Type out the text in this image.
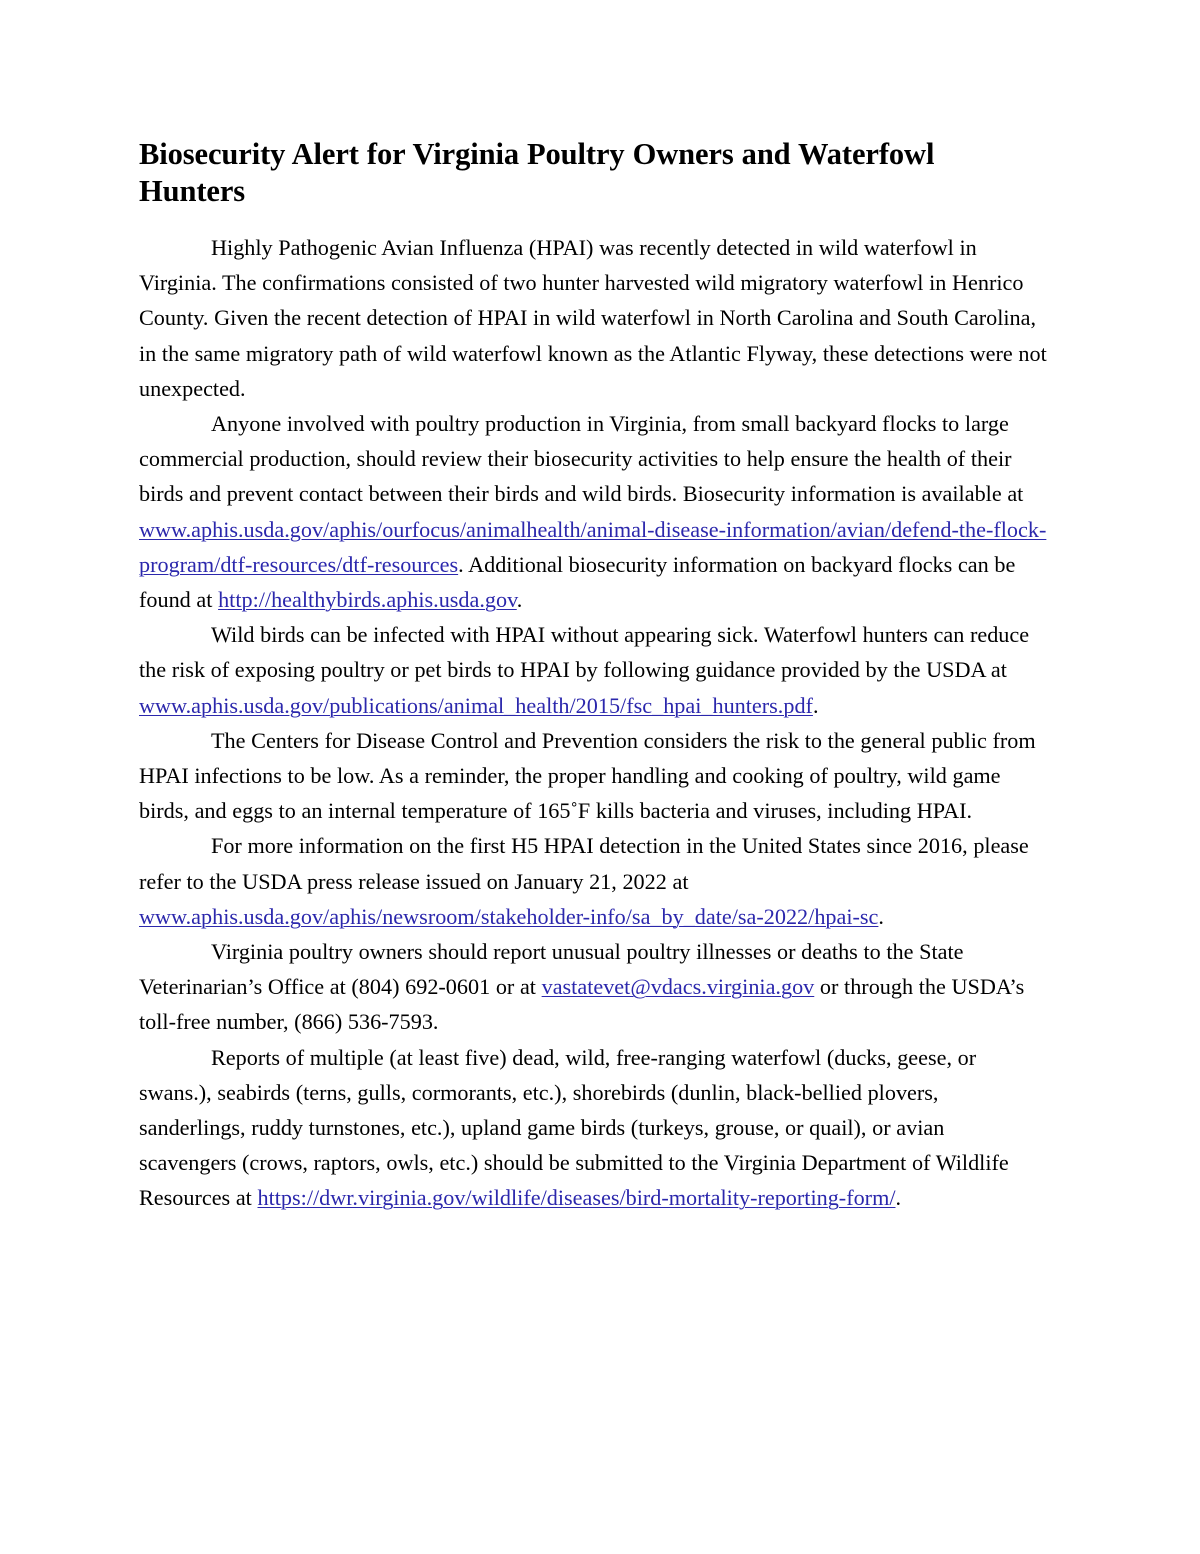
Biosecurity Alert for Virginia Poultry Owners and Waterfowl Hunters

Highly Pathogenic Avian Influenza (HPAI) was recently detected in wild waterfowl in Virginia. The confirmations consisted of two hunter harvested wild migratory waterfowl in Henrico County. Given the recent detection of HPAI in wild waterfowl in North Carolina and South Carolina, in the same migratory path of wild waterfowl known as the Atlantic Flyway, these detections were not unexpected.

Anyone involved with poultry production in Virginia, from small backyard flocks to large commercial production, should review their biosecurity activities to help ensure the health of their birds and prevent contact between their birds and wild birds. Biosecurity information is available at www.aphis.usda.gov/aphis/ourfocus/animalhealth/animal-disease-information/avian/defend-the-flock-program/dtf-resources/dtf-resources. Additional biosecurity information on backyard flocks can be found at http://healthybirds.aphis.usda.gov.

Wild birds can be infected with HPAI without appearing sick. Waterfowl hunters can reduce the risk of exposing poultry or pet birds to HPAI by following guidance provided by the USDA at www.aphis.usda.gov/publications/animal_health/2015/fsc_hpai_hunters.pdf.

The Centers for Disease Control and Prevention considers the risk to the general public from HPAI infections to be low. As a reminder, the proper handling and cooking of poultry, wild game birds, and eggs to an internal temperature of 165˚F kills bacteria and viruses, including HPAI.

For more information on the first H5 HPAI detection in the United States since 2016, please refer to the USDA press release issued on January 21, 2022 at www.aphis.usda.gov/aphis/newsroom/stakeholder-info/sa_by_date/sa-2022/hpai-sc.

Virginia poultry owners should report unusual poultry illnesses or deaths to the State Veterinarian’s Office at (804) 692-0601 or at vastatevet@vdacs.virginia.gov or through the USDA’s toll-free number, (866) 536-7593.

Reports of multiple (at least five) dead, wild, free-ranging waterfowl (ducks, geese, or swans.), seabirds (terns, gulls, cormorants, etc.), shorebirds (dunlin, black-bellied plovers, sanderlings, ruddy turnstones, etc.), upland game birds (turkeys, grouse, or quail), or avian scavengers (crows, raptors, owls, etc.) should be submitted to the Virginia Department of Wildlife Resources at https://dwr.virginia.gov/wildlife/diseases/bird-mortality-reporting-form/.
